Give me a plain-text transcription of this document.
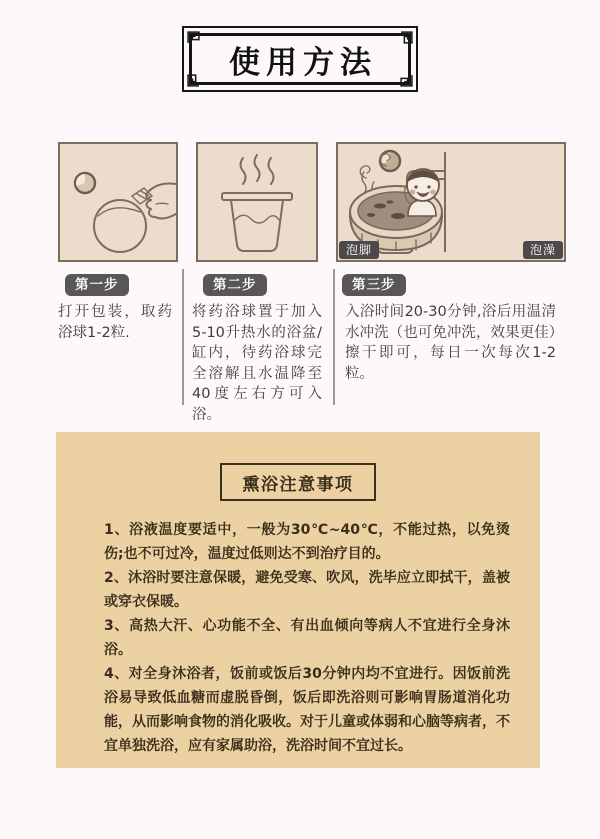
使用方法
泡脚	泡澡
第一步	第二步	第三步

打开包装，取药浴球1-2粒.

将药浴球置于加入5-10升热水的浴盆/缸内，待药浴球完全溶解且水温降至40度左右方可入浴。

入浴时间20-30分钟,浴后用温清水冲洗（也可免冲洗，效果更佳）擦干即可，每日一次每次1-2粒。

熏浴注意事项

1、浴液温度要适中，一般为30℃~40℃，不能过热，以免烫伤;也不可过冷，温度过低则达不到治疗目的。

2、沐浴时要注意保暖，避免受寒、吹风，洗毕应立即拭干，盖被或穿衣保暖。

3、高热大汗、心功能不全、有出血倾向等病人不宜进行全身沐浴。

4、对全身沐浴者，饭前或饭后30分钟内均不宜进行。因饭前洗浴易导致低血糖而虚脱昏倒，饭后即洗浴则可影响胃肠道消化功能，从而影响食物的消化吸收。对于儿童或体弱和心脑等病者，不宜单独洗浴，应有家属助浴，洗浴时间不宜过长。
